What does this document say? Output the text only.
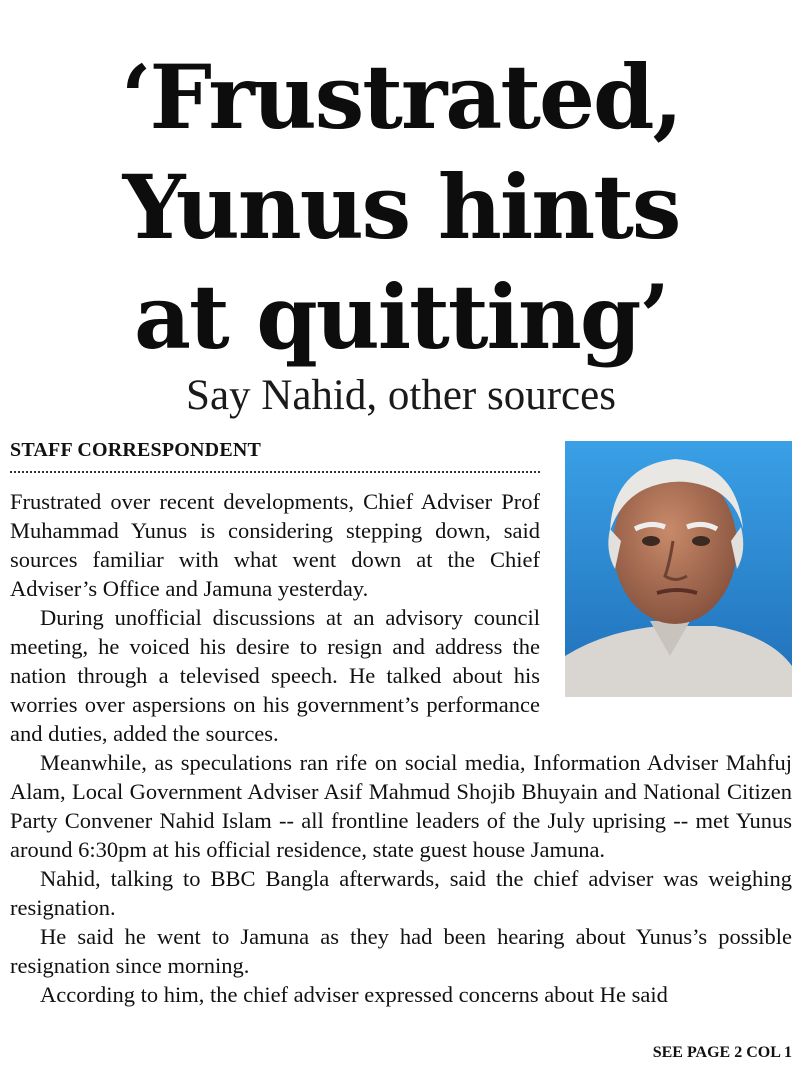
‘Frustrated,
Yunus hints
at quitting’
Say Nahid, other sources
STAFF CORRESPONDENT

Frustrated over recent developments, Chief Adviser Prof Muhammad Yunus is considering stepping down, said sources familiar with what went down at the Chief Adviser’s Office and Jamuna yesterday.

During unofficial discussions at an advisory council meeting, he voiced his desire to resign and address the nation through a televised speech. He talked about his worries over aspersions on his government’s performance and duties, added the sources.

Meanwhile, as speculations ran rife on social media, Information Adviser Mahfuj Alam, Local Government Adviser Asif Mahmud Shojib Bhuyain and National Citizen Party Convener Nahid Islam -- all frontline leaders of the July uprising -- met Yunus around 6:30pm at his official residence, state guest house Jamuna.

Nahid, talking to BBC Bangla afterwards, said the chief adviser was weighing resignation.

He said he went to Jamuna as they had been hearing about Yunus’s possible resignation since morning.

According to him, the chief adviser expressed concerns about He said

SEE PAGE 2 COL 1
